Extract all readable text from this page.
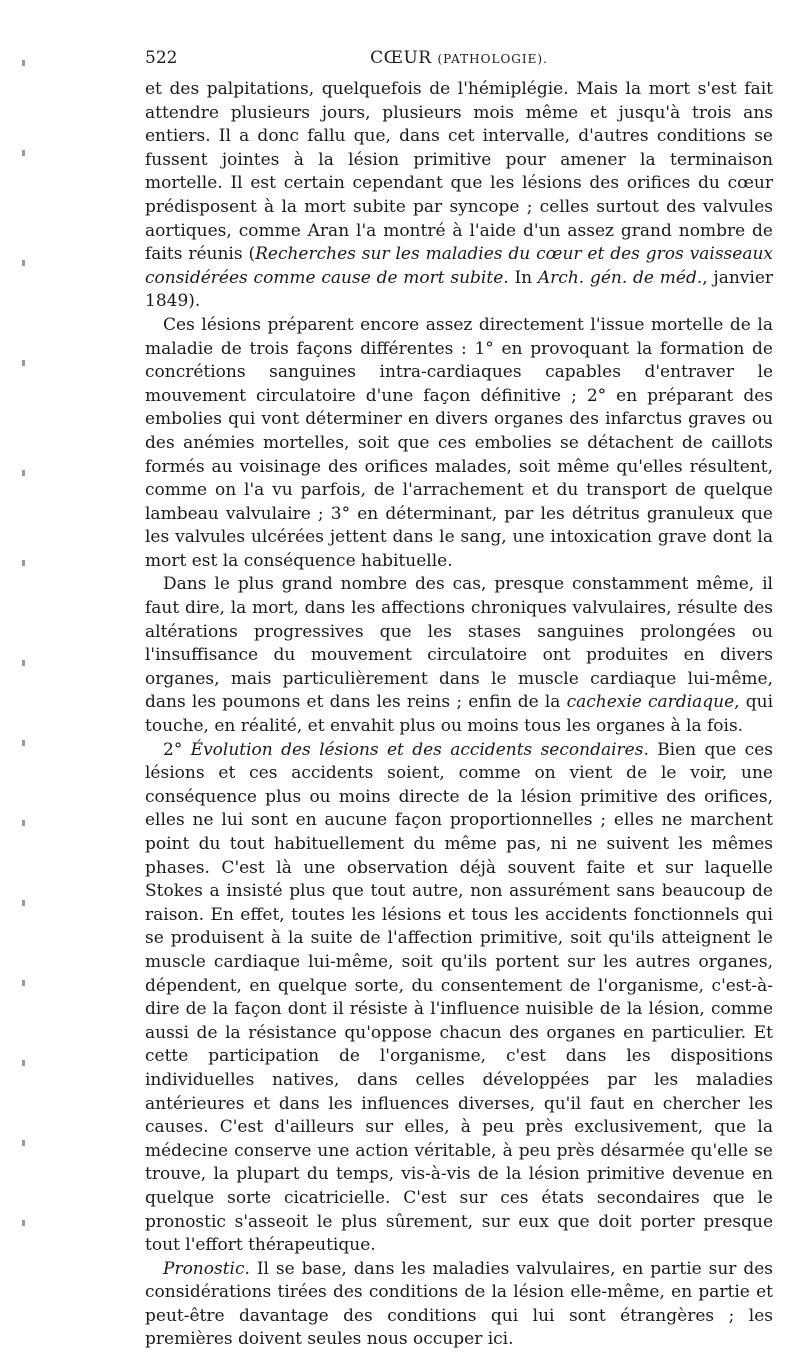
522	CŒUR (PATHOLOGIE).

et des palpitations, quelquefois de l'hémiplégie. Mais la mort s'est fait attendre plusieurs jours, plusieurs mois même et jusqu'à trois ans entiers. Il a donc fallu que, dans cet intervalle, d'autres conditions se fussent jointes à la lésion primitive pour amener la terminaison mortelle. Il est certain cependant que les lésions des orifices du cœur prédisposent à la mort subite par syncope ; celles surtout des valvules aortiques, comme Aran l'a montré à l'aide d'un assez grand nombre de faits réunis (Recherches sur les maladies du cœur et des gros vaisseaux considérées comme cause de mort subite. In Arch. gén. de méd., janvier 1849).

Ces lésions préparent encore assez directement l'issue mortelle de la maladie de trois façons différentes : 1° en provoquant la formation de concrétions sanguines intra-cardiaques capables d'entraver le mouvement circulatoire d'une façon définitive ; 2° en préparant des embolies qui vont déterminer en divers organes des infarctus graves ou des anémies mortelles, soit que ces embolies se détachent de caillots formés au voisinage des orifices malades, soit même qu'elles résultent, comme on l'a vu parfois, de l'arrachement et du transport de quelque lambeau valvulaire ; 3° en déterminant, par les détritus granuleux que les valvules ulcérées jettent dans le sang, une intoxication grave dont la mort est la conséquence habituelle.

Dans le plus grand nombre des cas, presque constamment même, il faut dire, la mort, dans les affections chroniques valvulaires, résulte des altérations progressives que les stases sanguines prolongées ou l'insuffisance du mouvement circulatoire ont produites en divers organes, mais particulièrement dans le muscle cardiaque lui-même, dans les poumons et dans les reins ; enfin de la cachexie cardiaque, qui touche, en réalité, et envahit plus ou moins tous les organes à la fois.

2° Évolution des lésions et des accidents secondaires. Bien que ces lésions et ces accidents soient, comme on vient de le voir, une conséquence plus ou moins directe de la lésion primitive des orifices, elles ne lui sont en aucune façon proportionnelles ; elles ne marchent point du tout habituellement du même pas, ni ne suivent les mêmes phases. C'est là une observation déjà souvent faite et sur laquelle Stokes a insisté plus que tout autre, non assurément sans beaucoup de raison. En effet, toutes les lésions et tous les accidents fonctionnels qui se produisent à la suite de l'affection primitive, soit qu'ils atteignent le muscle cardiaque lui-même, soit qu'ils portent sur les autres organes, dépendent, en quelque sorte, du consentement de l'organisme, c'est-à-dire de la façon dont il résiste à l'influence nuisible de la lésion, comme aussi de la résistance qu'oppose chacun des organes en particulier. Et cette participation de l'organisme, c'est dans les dispositions individuelles natives, dans celles développées par les maladies antérieures et dans les influences diverses, qu'il faut en chercher les causes. C'est d'ailleurs sur elles, à peu près exclusivement, que la médecine conserve une action véritable, à peu près désarmée qu'elle se trouve, la plupart du temps, vis-à-vis de la lésion primitive devenue en quelque sorte cicatricielle. C'est sur ces états secondaires que le pronostic s'asseoit le plus sûrement, sur eux que doit porter presque tout l'effort thérapeutique.

Pronostic. Il se base, dans les maladies valvulaires, en partie sur des considérations tirées des conditions de la lésion elle-même, en partie et peut-être davantage des conditions qui lui sont étrangères ; les premières doivent seules nous occuper ici.
